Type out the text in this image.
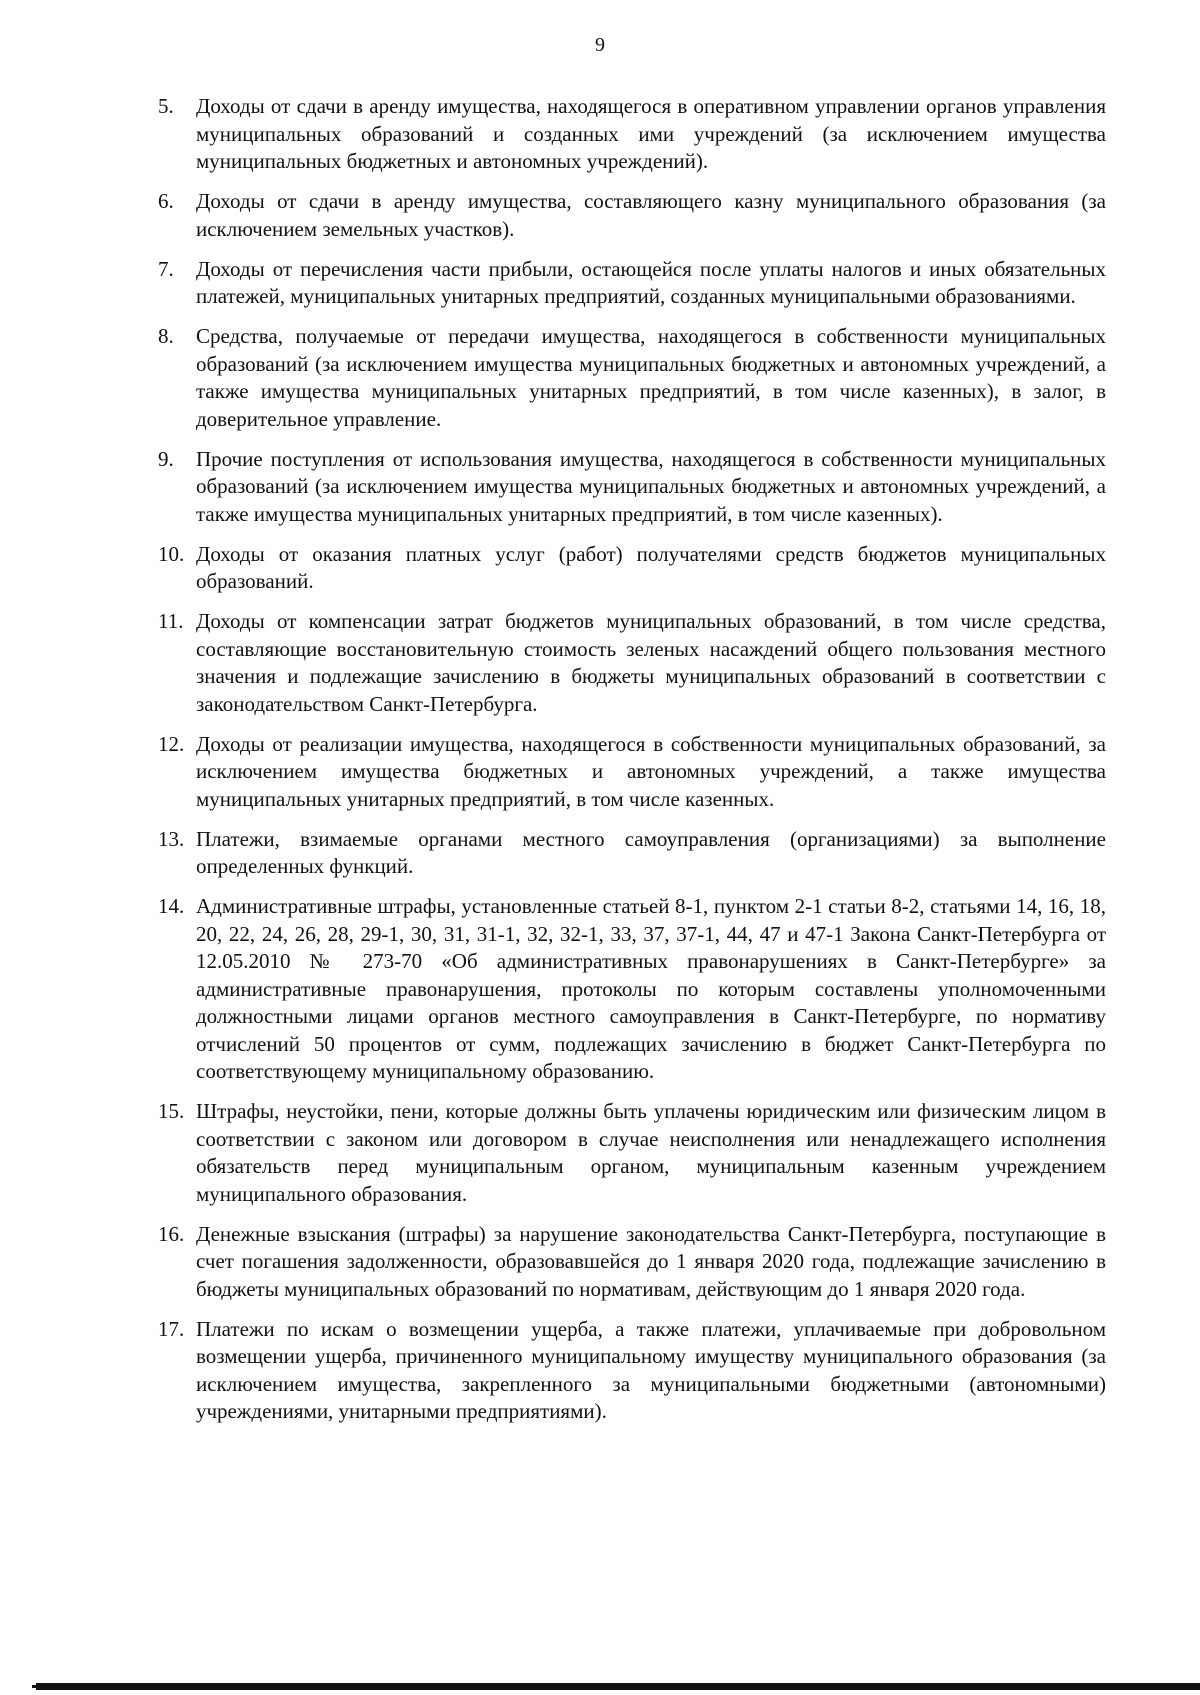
9
5.	Доходы от сдачи в аренду имущества, находящегося в оперативном управлении органов управления муниципальных образований и созданных ими учреждений (за исключением имущества муниципальных бюджетных и автономных учреждений).
6.	Доходы от сдачи в аренду имущества, составляющего казну муниципального образования (за исключением земельных участков).
7.	Доходы от перечисления части прибыли, остающейся после уплаты налогов и иных обязательных платежей, муниципальных унитарных предприятий, созданных муниципальными образованиями.
8.	Средства, получаемые от передачи имущества, находящегося в собственности муниципальных образований (за исключением имущества муниципальных бюджетных и автономных учреждений, а также имущества муниципальных унитарных предприятий, в том числе казенных), в залог, в доверительное управление.
9.	Прочие поступления от использования имущества, находящегося в собственности муниципальных образований (за исключением имущества муниципальных бюджетных и автономных учреждений, а также имущества муниципальных унитарных предприятий, в том числе казенных).
10. Доходы от оказания платных услуг (работ) получателями средств бюджетов муниципальных образований.
11. Доходы от компенсации затрат бюджетов муниципальных образований, в том числе средства, составляющие восстановительную стоимость зеленых насаждений общего пользования местного значения и подлежащие зачислению в бюджеты муниципальных образований в соответствии с законодательством Санкт-Петербурга.
12. Доходы от реализации имущества, находящегося в собственности муниципальных образований, за исключением имущества бюджетных и автономных учреждений, а также имущества муниципальных унитарных предприятий, в том числе казенных.
13. Платежи, взимаемые органами местного самоуправления (организациями) за выполнение определенных функций.
14. Административные штрафы, установленные статьей 8-1, пунктом 2-1 статьи 8-2, статьями 14, 16, 18, 20, 22, 24, 26, 28, 29-1, 30, 31, 31-1, 32, 32-1, 33, 37, 37-1, 44, 47 и 47-1 Закона Санкт-Петербурга от 12.05.2010 № 273-70 «Об административных правонарушениях в Санкт-Петербурге» за административные правонарушения, протоколы по которым составлены уполномоченными должностными лицами органов местного самоуправления в Санкт-Петербурге, по нормативу отчислений 50 процентов от сумм, подлежащих зачислению в бюджет Санкт-Петербурга по соответствующему муниципальному образованию.
15. Штрафы, неустойки, пени, которые должны быть уплачены юридическим или физическим лицом в соответствии с законом или договором в случае неисполнения или ненадлежащего исполнения обязательств перед муниципальным органом, муниципальным казенным учреждением муниципального образования.
16. Денежные взыскания (штрафы) за нарушение законодательства Санкт-Петербурга, поступающие в счет погашения задолженности, образовавшейся до 1 января 2020 года, подлежащие зачислению в бюджеты муниципальных образований по нормативам, действующим до 1 января 2020 года.
17. Платежи по искам о возмещении ущерба, а также платежи, уплачиваемые при добровольном возмещении ущерба, причиненного муниципальному имуществу муниципального образования (за исключением имущества, закрепленного за муниципальными бюджетными (автономными) учреждениями, унитарными предприятиями).
